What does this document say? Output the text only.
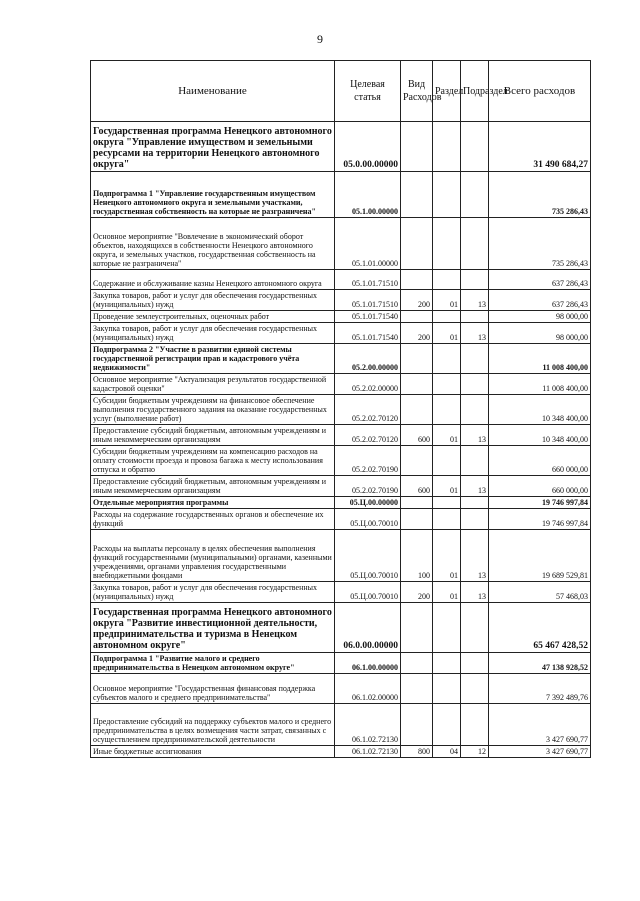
9
Наименование	Целевая статья	Вид Расходов	Раздел	Подраздел	Всего расходов
Государственная программа Ненецкого автономного округа "Управление имуществом и земельными ресурсами на территории Ненецкого автономного округа"	05.0.00.00000				31 490 684,27
Подпрограмма 1 "Управление государственным имуществом Ненецкого автономного округа и земельными участками, государственная собственность на которые не разграничена"	05.1.00.00000				735 286,43
Основное мероприятие "Вовлечение в экономический оборот объектов, находящихся в собственности Ненецкого автономного округа, и земельных участков, государственная собственность на которые не разграничена"	05.1.01.00000				735 286,43
Содержание и обслуживание казны Ненецкого автономного округа	05.1.01.71510				637 286,43
Закупка товаров, работ и услуг для обеспечения государственных (муниципальных) нужд	05.1.01.71510	200	01	13	637 286,43
Проведение землеустроительных, оценочных работ	05.1.01.71540				98 000,00
Закупка товаров, работ и услуг для обеспечения государственных (муниципальных) нужд	05.1.01.71540	200	01	13	98 000,00
Подпрограмма 2 "Участие в развитии единой системы государственной регистрации прав и кадастрового учёта недвижимости"	05.2.00.00000				11 008 400,00
Основное мероприятие "Актуализация результатов государственной кадастровой оценки"	05.2.02.00000				11 008 400,00
Субсидии бюджетным учреждениям на финансовое обеспечение выполнения государственного задания на оказание государственных услуг (выполнение работ)	05.2.02.70120				10 348 400,00
Предоставление субсидий бюджетным, автономным учреждениям и иным некоммерческим организациям	05.2.02.70120	600	01	13	10 348 400,00
Субсидии бюджетным учреждениям на компенсацию расходов на оплату стоимости проезда и провоза багажа к месту использования отпуска и обратно	05.2.02.70190				660 000,00
Предоставление субсидий бюджетным, автономным учреждениям и иным некоммерческим организациям	05.2.02.70190	600	01	13	660 000,00
Отдельные мероприятия программы	05.Ц.00.00000				19 746 997,84
Расходы на содержание государственных органов и обеспечение их функций	05.Ц.00.70010				19 746 997,84
Расходы на выплаты персоналу в целях обеспечения выполнения функций государственными (муниципальными) органами, казенными учреждениями, органами управления государственными внебюджетными фондами	05.Ц.00.70010	100	01	13	19 689 529,81
Закупка товаров, работ и услуг для обеспечения государственных (муниципальных) нужд	05.Ц.00.70010	200	01	13	57 468,03
Государственная программа Ненецкого автономного округа "Развитие инвестиционной деятельности, предпринимательства и туризма в Ненецком автономном округе"	06.0.00.00000				65 467 428,52
Подпрограмма 1 "Развитие малого и среднего предпринимательства в Ненецком автономном округе"	06.1.00.00000				47 138 928,52
Основное мероприятие "Государственная финансовая поддержка субъектов малого и среднего предпринимательства"	06.1.02.00000				7 392 489,76
Предоставление субсидий на поддержку субъектов малого и среднего предпринимательства в целях возмещения части затрат, связанных с осуществлением предпринимательской деятельности	06.1.02.72130				3 427 690,77
Иные бюджетные ассигнования	06.1.02.72130	800	04	12	3 427 690,77
